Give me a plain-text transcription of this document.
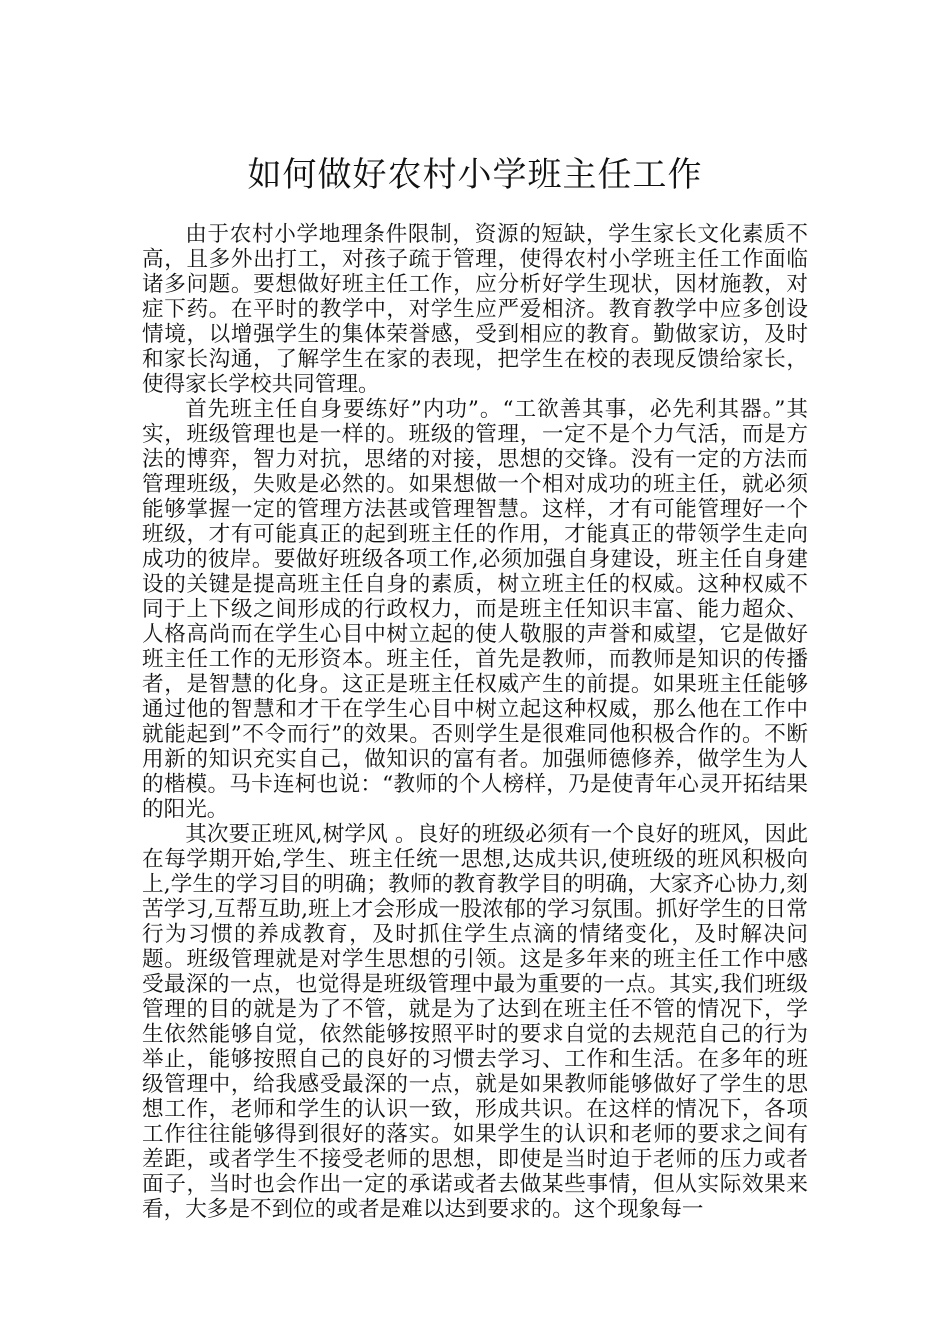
如何做好农村小学班主任工作

由于农村小学地理条件限制，资源的短缺，学生家长文化素质不高，且多外出打工，对孩子疏于管理，使得农村小学班主任工作面临诸多问题。要想做好班主任工作，应分析好学生现状，因材施教，对症下药。在平时的教学中，对学生应严爱相济。教育教学中应多创设情境，以增强学生的集体荣誉感，受到相应的教育。勤做家访，及时和家长沟通，了解学生在家的表现，把学生在校的表现反馈给家长，使得家长学校共同管理。

首先班主任自身要练好”内功”。“工欲善其事，必先利其器。”其实，班级管理也是一样的。班级的管理，一定不是个力气活，而是方法的博弈，智力对抗，思绪的对接，思想的交锋。没有一定的方法而管理班级，失败是必然的。如果想做一个相对成功的班主任，就必须能够掌握一定的管理方法甚或管理智慧。这样，才有可能管理好一个班级，才有可能真正的起到班主任的作用，才能真正的带领学生走向成功的彼岸。要做好班级各项工作,必须加强自身建设，班主任自身建设的关键是提高班主任自身的素质，树立班主任的权威。这种权威不同于上下级之间形成的行政权力，而是班主任知识丰富、能力超众、人格高尚而在学生心目中树立起的使人敬服的声誉和威望，它是做好班主任工作的无形资本。班主任，首先是教师，而教师是知识的传播者，是智慧的化身。这正是班主任权威产生的前提。如果班主任能够通过他的智慧和才干在学生心目中树立起这种权威，那么他在工作中就能起到”不令而行”的效果。否则学生是很难同他积极合作的。不断用新的知识充实自己，做知识的富有者。加强师德修养，做学生为人的楷模。马卡连柯也说：“教师的个人榜样，乃是使青年心灵开拓结果的阳光。

其次要正班风,树学风 。良好的班级必须有一个良好的班风，因此在每学期开始,学生、班主任统一思想,达成共识,使班级的班风积极向上,学生的学习目的明确；教师的教育教学目的明确，大家齐心协力,刻苦学习,互帮互助,班上才会形成一股浓郁的学习氛围。抓好学生的日常行为习惯的养成教育，及时抓住学生点滴的情绪变化，及时解决问题。班级管理就是对学生思想的引领。这是多年来的班主任工作中感受最深的一点，也觉得是班级管理中最为重要的一点。其实,我们班级管理的目的就是为了不管，就是为了达到在班主任不管的情况下，学生依然能够自觉，依然能够按照平时的要求自觉的去规范自己的行为举止，能够按照自己的良好的习惯去学习、工作和生活。在多年的班级管理中，给我感受最深的一点，就是如果教师能够做好了学生的思想工作，老师和学生的认识一致，形成共识。在这样的情况下，各项工作往往能够得到很好的落实。如果学生的认识和老师的要求之间有差距，或者学生不接受老师的思想，即使是当时迫于老师的压力或者面子，当时也会作出一定的承诺或者去做某些事情，但从实际效果来看，大多是不到位的或者是难以达到要求的。这个现象每一
